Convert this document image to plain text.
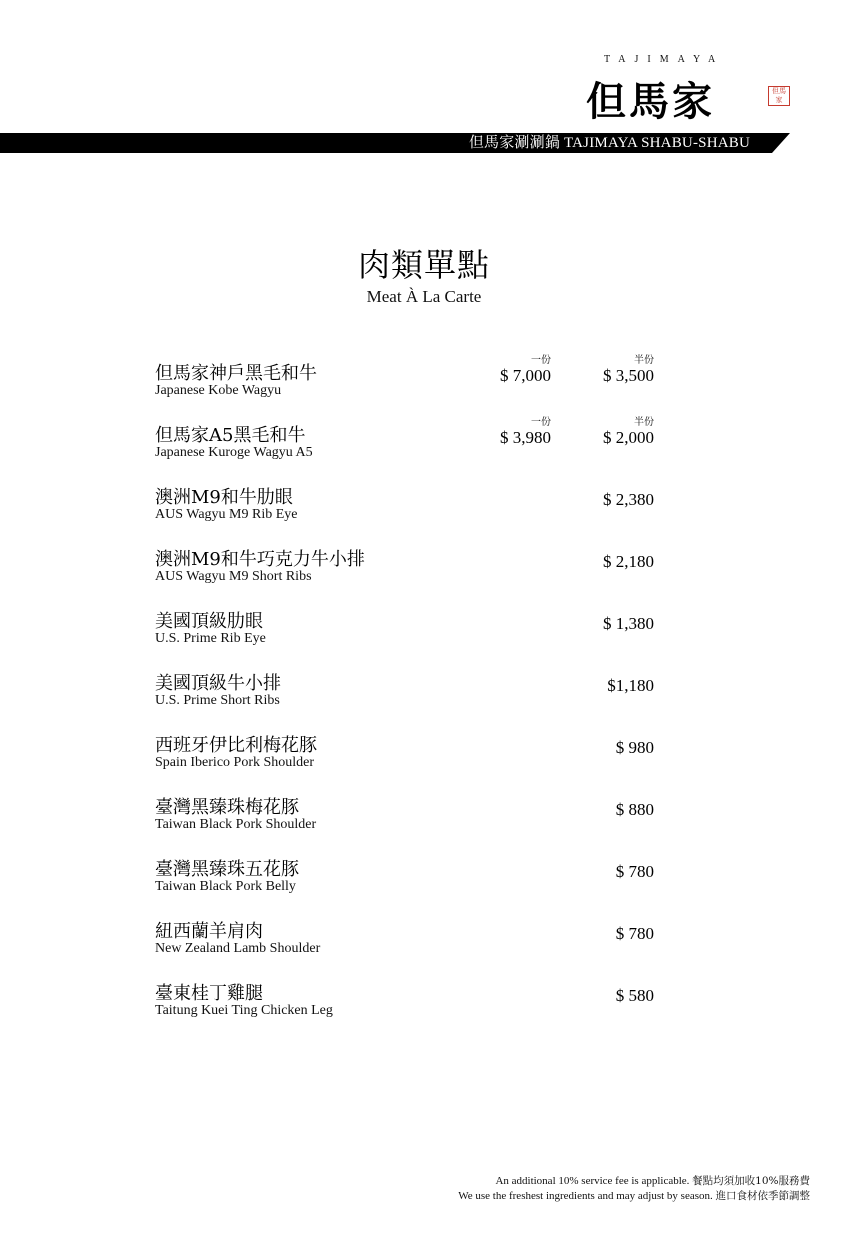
TAJIMAYA
但馬家	但馬 家
但馬家涮涮鍋 TAJIMAYA SHABU-SHABU
肉類單點
Meat À La Carte
但馬家神戶黑毛和牛
Japanese Kobe Wagyu
一份	半份
$ 7,000	$ 3,500
但馬家A5黑毛和牛
Japanese Kuroge Wagyu A5
一份	半份
$ 3,980	$ 2,000
澳洲M9和牛肋眼
AUS Wagyu M9 Rib Eye
$ 2,380
澳洲M9和牛巧克力牛小排
AUS Wagyu M9 Short Ribs
$ 2,180
美國頂級肋眼
U.S. Prime Rib Eye
$ 1,380
美國頂級牛小排
U.S. Prime Short Ribs
$1,180
西班牙伊比利梅花豚
Spain Iberico Pork Shoulder
$ 980
臺灣黑臻珠梅花豚
Taiwan Black Pork Shoulder
$ 880
臺灣黑臻珠五花豚
Taiwan Black Pork Belly
$ 780
紐西蘭羊肩肉
New Zealand Lamb Shoulder
$ 780
臺東桂丁雞腿
Taitung Kuei Ting Chicken Leg
$ 580
An additional 10% service fee is applicable. 餐點均須加收10%服務費
We use the freshest ingredients and may adjust by season. 進口食材依季節調整
